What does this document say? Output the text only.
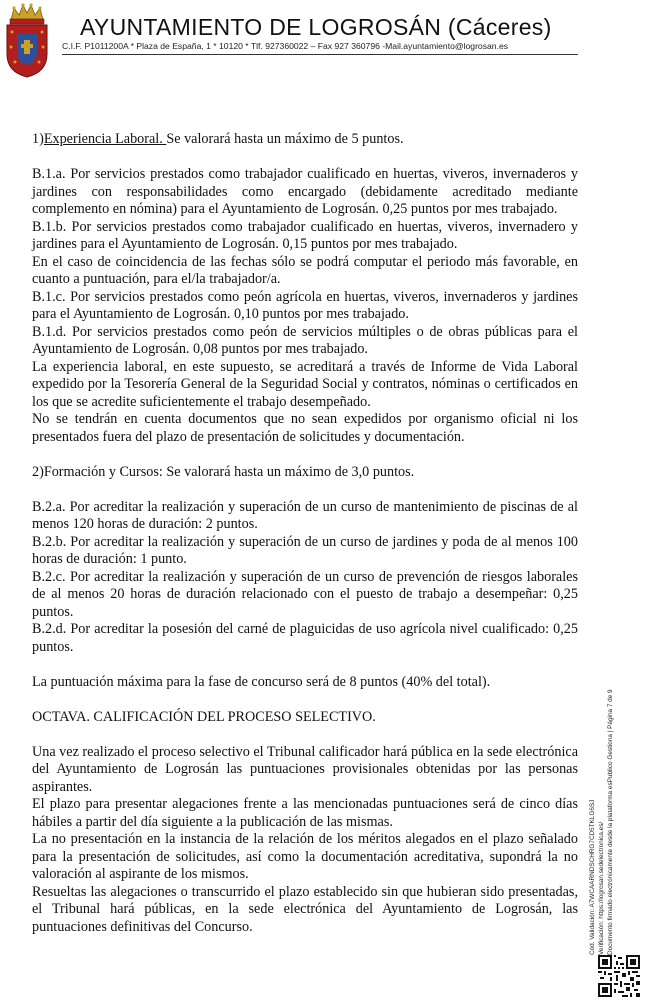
AYUNTAMIENTO DE LOGROSÁN (Cáceres)
C.I.F. P1011200A * Plaza de España, 1 * 10120 * Tlf. 927360022 – Fax 927 360796 -Mail.ayuntamiento@logrosan.es

1)Experiencia Laboral. Se valorará hasta un máximo de 5 puntos.

B.1.a. Por servicios prestados como trabajador cualificado en huertas, viveros, invernaderos y jardines con responsabilidades como encargado (debidamente acreditado mediante complemento en nómina) para el Ayuntamiento de Logrosán. 0,25 puntos por mes trabajado.

B.1.b. Por servicios prestados como trabajador cualificado en huertas, viveros, invernadero y jardines para el Ayuntamiento de Logrosán. 0,15 puntos por mes trabajado.

En el caso de coincidencia de las fechas sólo se podrá computar el periodo más favorable, en cuanto a puntuación, para el/la trabajador/a.

B.1.c. Por servicios prestados como peón agrícola en huertas, viveros, invernaderos y jardines para el Ayuntamiento de Logrosán. 0,10 puntos por mes trabajado.

B.1.d. Por servicios prestados como peón de servicios múltiples o de obras públicas para el Ayuntamiento de Logrosán. 0,08 puntos por mes trabajado.

La experiencia laboral, en este supuesto, se acreditará a través de Informe de Vida Laboral expedido por la Tesorería General de la Seguridad Social y contratos, nóminas o certificados en los que se acredite suficientemente el trabajo desempeñado.

No se tendrán en cuenta documentos que no sean expedidos por organismo oficial ni los presentados fuera del plazo de presentación de solicitudes y documentación.

2)Formación y Cursos: Se valorará hasta un máximo de 3,0 puntos.

B.2.a. Por acreditar la realización y superación de un curso de mantenimiento de piscinas de al menos 120 horas de duración: 2 puntos.

B.2.b. Por acreditar la realización y superación de un curso de jardines y poda de al menos 100 horas de duración: 1 punto.

B.2.c. Por acreditar la realización y superación de un curso de prevención de riesgos laborales de al menos 20 horas de duración relacionado con el puesto de trabajo a desempeñar: 0,25 puntos.

B.2.d. Por acreditar la posesión del carné de plaguicidas de uso agrícola nivel cualificado: 0,25 puntos.

La puntuación máxima para la fase de concurso será de 8 puntos (40% del total).

OCTAVA. CALIFICACIÓN DEL PROCESO SELECTIVO.

Una vez realizado el proceso selectivo el Tribunal calificador hará pública en la sede electrónica del Ayuntamiento de Logrosán las puntuaciones provisionales obtenidas por las personas aspirantes.

El plazo para presentar alegaciones frente a las mencionadas puntuaciones será de cinco días hábiles a partir del día siguiente a la publicación de las mismas.

La no presentación en la instancia de la relación de los méritos alegados en el plazo señalado para la presentación de solicitudes, así como la documentación acreditativa, supondrá la no valoración al aspirante de los mismos.

Resueltas las alegaciones o transcurrido el plazo establecido sin que hubieran sido presentadas, el Tribunal hará públicas, en la sede electrónica del Ayuntamiento de Logrosán, las puntuaciones definitivas del Concurso.	Cód. Validación: A7WCAARNDSCHRG7CD5TKLG6SJ Verificación: https://logrosan.sedelectronica.es/ Documento firmado electrónicamente desde la plataforma esPublico Gestiona | Página 7 de 9
